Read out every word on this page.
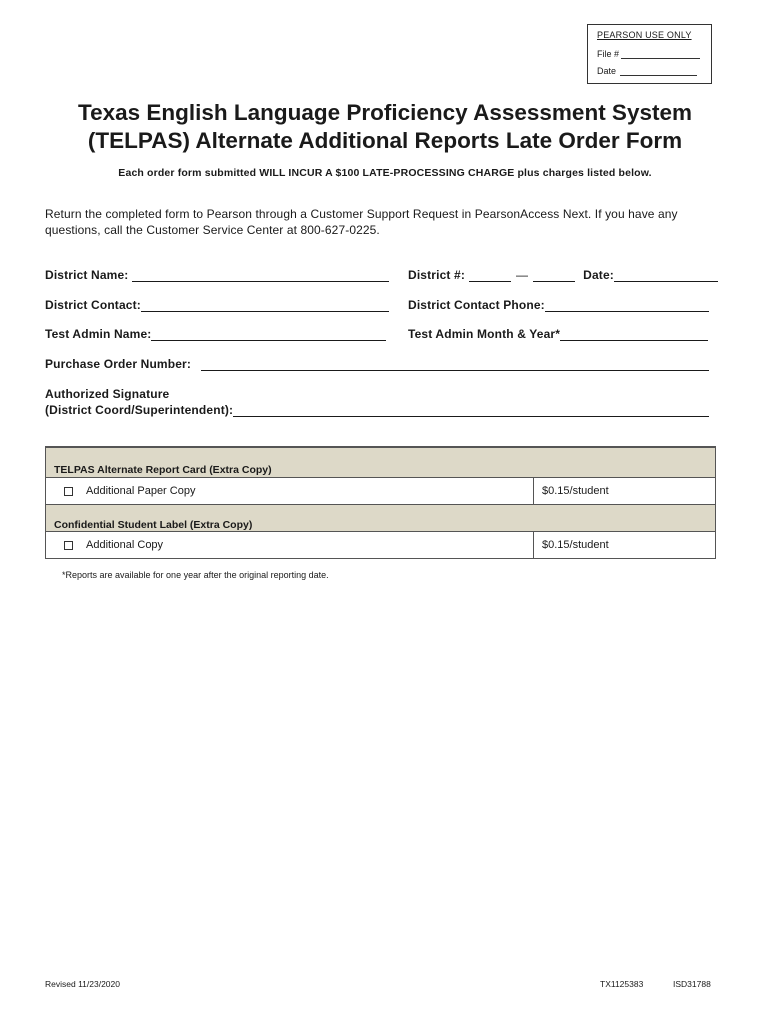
PEARSON USE ONLY
File #
Date
Texas English Language Proficiency Assessment System
(TELPAS) Alternate Additional Reports Late Order Form
Each order form submitted WILL INCUR A $100 LATE-PROCESSING CHARGE plus charges listed below.
Return the completed form to Pearson through a Customer Support Request in PearsonAccess Next. If you have any questions, call the Customer Service Center at 800-627-0225.
District Name:	District #:	—	Date:
District Contact:	District Contact Phone:
Test Admin Name:	Test Admin Month & Year*
Purchase Order Number:
Authorized Signature
(District Coord/Superintendent):
TELPAS Alternate Report Card (Extra Copy)
Additional Paper Copy	$0.15/student
Confidential Student Label (Extra Copy)
Additional Copy	$0.15/student
*Reports are available for one year after the original reporting date.
Revised 11/23/2020	TX1125383	ISD31788
